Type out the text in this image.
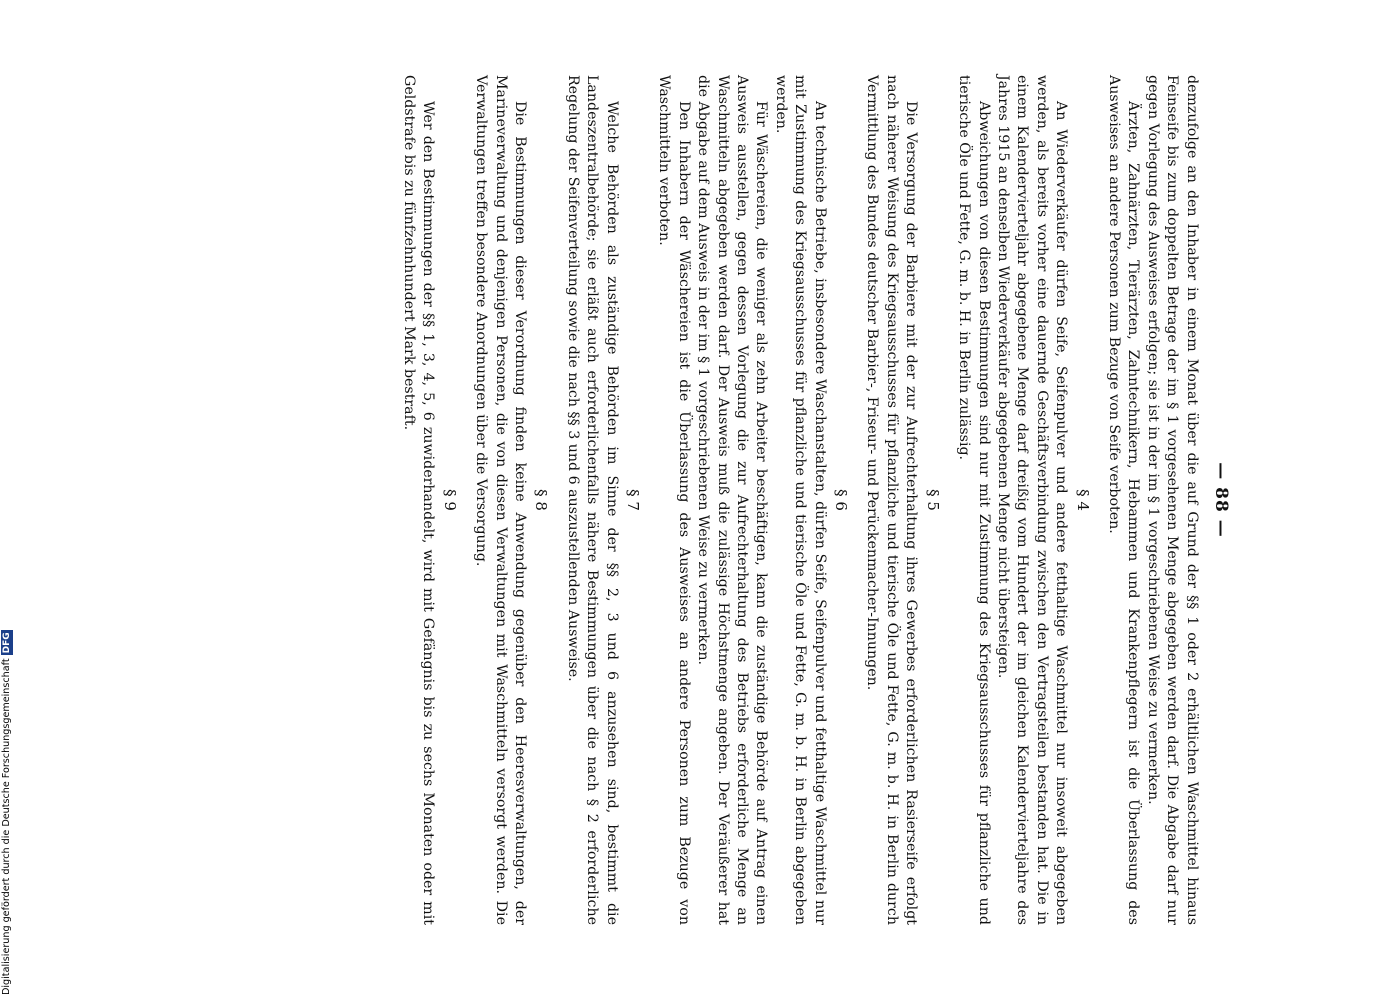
— 88 —

demzufolge an den Inhaber in einem Monat über die auf Grund der §§ 1 oder 2 erhältlichen Waschmittel hinaus Feinseife bis zum doppelten Betrage der im § 1 vorgesehenen Menge abgegeben werden darf. Die Abgabe darf nur gegen Vorlegung des Ausweises erfolgen; sie ist in der im § 1 vorgeschriebenen Weise zu vermerken.

Ärzten, Zahnärzten, Tierärzten, Zahntechnikern, Hebammen und Krankenpflegern ist die Überlassung des Ausweises an andere Personen zum Bezuge von Seife verboten.

§ 4

An Wiederverkäufer dürfen Seife, Seifenpulver und andere fetthaltige Waschmittel nur insoweit abgegeben werden, als bereits vorher eine dauernde Geschäftsverbindung zwischen den Vertragsteilen bestanden hat. Die in einem Kalendervierteljahr abgegebene Menge darf dreißig vom Hundert der im gleichen Kalendervierteljahre des Jahres 1915 an denselben Wiederverkäufer abgegebenen Menge nicht übersteigen.

Abweichungen von diesen Bestimmungen sind nur mit Zustimmung des Kriegsausschusses für pflanzliche und tierische Öle und Fette, G. m. b. H. in Berlin zulässig.

§ 5

Die Versorgung der Barbiere mit der zur Aufrechterhaltung ihres Gewerbes erforderlichen Rasierseife erfolgt nach näherer Weisung des Kriegsausschusses für pflanzliche und tierische Öle und Fette, G. m. b. H. in Berlin durch Vermittlung des Bundes deutscher Barbier-, Friseur- und Perückenmacher-Innungen.

§ 6

An technische Betriebe, insbesondere Waschanstalten, dürfen Seife, Seifenpulver und fetthaltige Waschmittel nur mit Zustimmung des Kriegsausschusses für pflanzliche und tierische Öle und Fette, G. m. b. H. in Berlin abgegeben werden.

Für Wäschereien, die weniger als zehn Arbeiter beschäftigen, kann die zuständige Behörde auf Antrag einen Ausweis ausstellen, gegen dessen Vorlegung die zur Aufrechterhaltung des Betriebs erforderliche Menge an Waschmitteln abgegeben werden darf. Der Ausweis muß die zulässige Höchstmenge angeben. Der Veräußerer hat die Abgabe auf dem Ausweis in der im § 1 vorgeschriebenen Weise zu vermerken.

Den Inhabern der Wäschereien ist die Überlassung des Ausweises an andere Personen zum Bezuge von Waschmitteln verboten.

§ 7

Welche Behörden als zuständige Behörden im Sinne der §§ 2, 3 und 6 anzusehen sind, bestimmt die Landeszentralbehörde; sie erläßt auch erforderlichenfalls nähere Bestimmungen über die nach § 2 erforderliche Regelung der Seifenverteilung sowie die nach §§ 3 und 6 auszustellenden Ausweise.

§ 8

Die Bestimmungen dieser Verordnung finden keine Anwendung gegenüber den Heeresverwaltungen, der Marineverwaltung und denjenigen Personen, die von diesen Verwaltungen mit Waschmitteln versorgt werden. Die Verwaltungen treffen besondere Anordnungen über die Versorgung.

§ 9

Wer den Bestimmungen der §§ 1, 3, 4, 5, 6 zuwiderhandelt, wird mit Gefängnis bis zu sechs Monaten oder mit Geldstrafe bis zu fünfzehnhundert Mark bestraft.

Digitalisierung gefördert durch die Deutsche Forschungsgemeinschaft
DFG
